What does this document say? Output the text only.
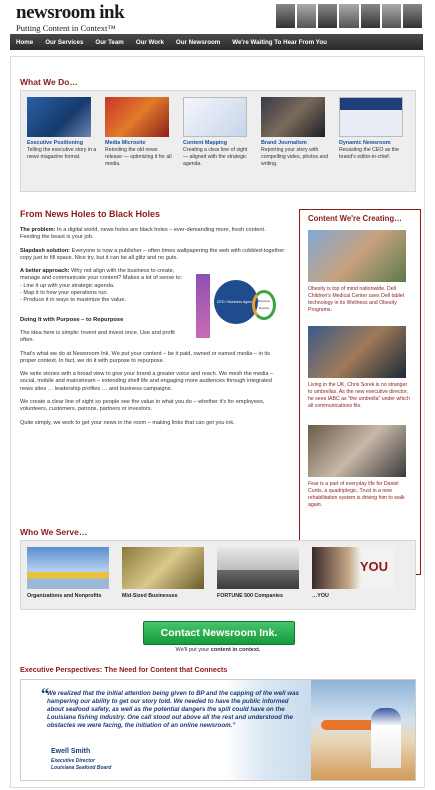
newsroom ink
Putting Content in Context™
Home	Our Services	Our Team	Our Work	Our Newsroom	We're Waiting To Hear From You
What We Do…
Executive Positioning
Telling the executive story in a news magazine format.
Media Microsite
Retooling the old news release — optimizing it for all media.
Content Mapping
Creating a clear line of sight — aligned with the strategic agenda.
Brand Journalism
Reporting your story with compelling video, photos and writing.
Dynamic Newsroom
Recasting the CEO as the brand's editor-in-chief.
From News Holes to Black Holes

The problem: In a digital world, news holes are black holes – ever-demanding more, fresh content. Feeding the beast is your job.

Slapdash solution: Everyone is now a publisher – often times wallpapering the web with cobbled-together copy just to fill space. Nice try, but it can be all glitz and no guts.

A better approach: Why not align with the business to create, manage and communicate your content? Makes a lot of sense to:

- Line it up with your strategic agenda.
- Map it to how your operations run.
- Produce it in ways to maximize the value.
Doing It with Purpose – to Repurpose

The idea here is simple: Invent and invest once. Use and profit often.

CEO / Business Agenda Business Results

That's what we do at Newsroom Ink. We put your content – be it paid, owned or earned media – in its proper context. In fact, we do it with purpose to repurpose.

We write stories with a broad view to give your brand a greater voice and reach. We mesh the media – social, mobile and mainstream – extending shelf life and engaging more audiences through integrated news sites … leadership profiles … and business campaigns.

We create a clear line of sight so people see the value in what you do – whether it's for employees, volunteers, customers, patrons, partners or investors.

Quite simply, we work to get your news in the room – making links that can get you ink.

Content We're Creating…
Obesity is top of mind nationwide. Dell Children's Medical Center uses Dell tablet technology in its Wellness and Obesity Programs.
Living in the UK, Chris Sorek is no stranger to umbrellas. As the new executive director, he sees IABC as "the umbrella" under which all communications fits.
Fear is a part of everyday life for Daniel Curtis, a quadriplegic. Trust in a new rehabilitation system is driving him to walk again.
Who We Serve…
Organizations and Nonprofits	Mid-Sized Businesses	FORTUNE 500 Companies
YOU
…YOU
Contact Newsroom Ink.
We'll put your content in context.
Executive Perspectives: The Need for Content that Connects
“
We realized that the initial attention being given to BP and the capping of the well was hampering our ability to get our story told. We needed to have the public informed about seafood safety, as well as the potential dangers the spill could have on the Louisiana fishing industry. One call stood out above all the rest and understood the obstacles we were facing, the initiation of an online newsroom.”
Ewell Smith
Executive Director
Louisiana Seafood Board
